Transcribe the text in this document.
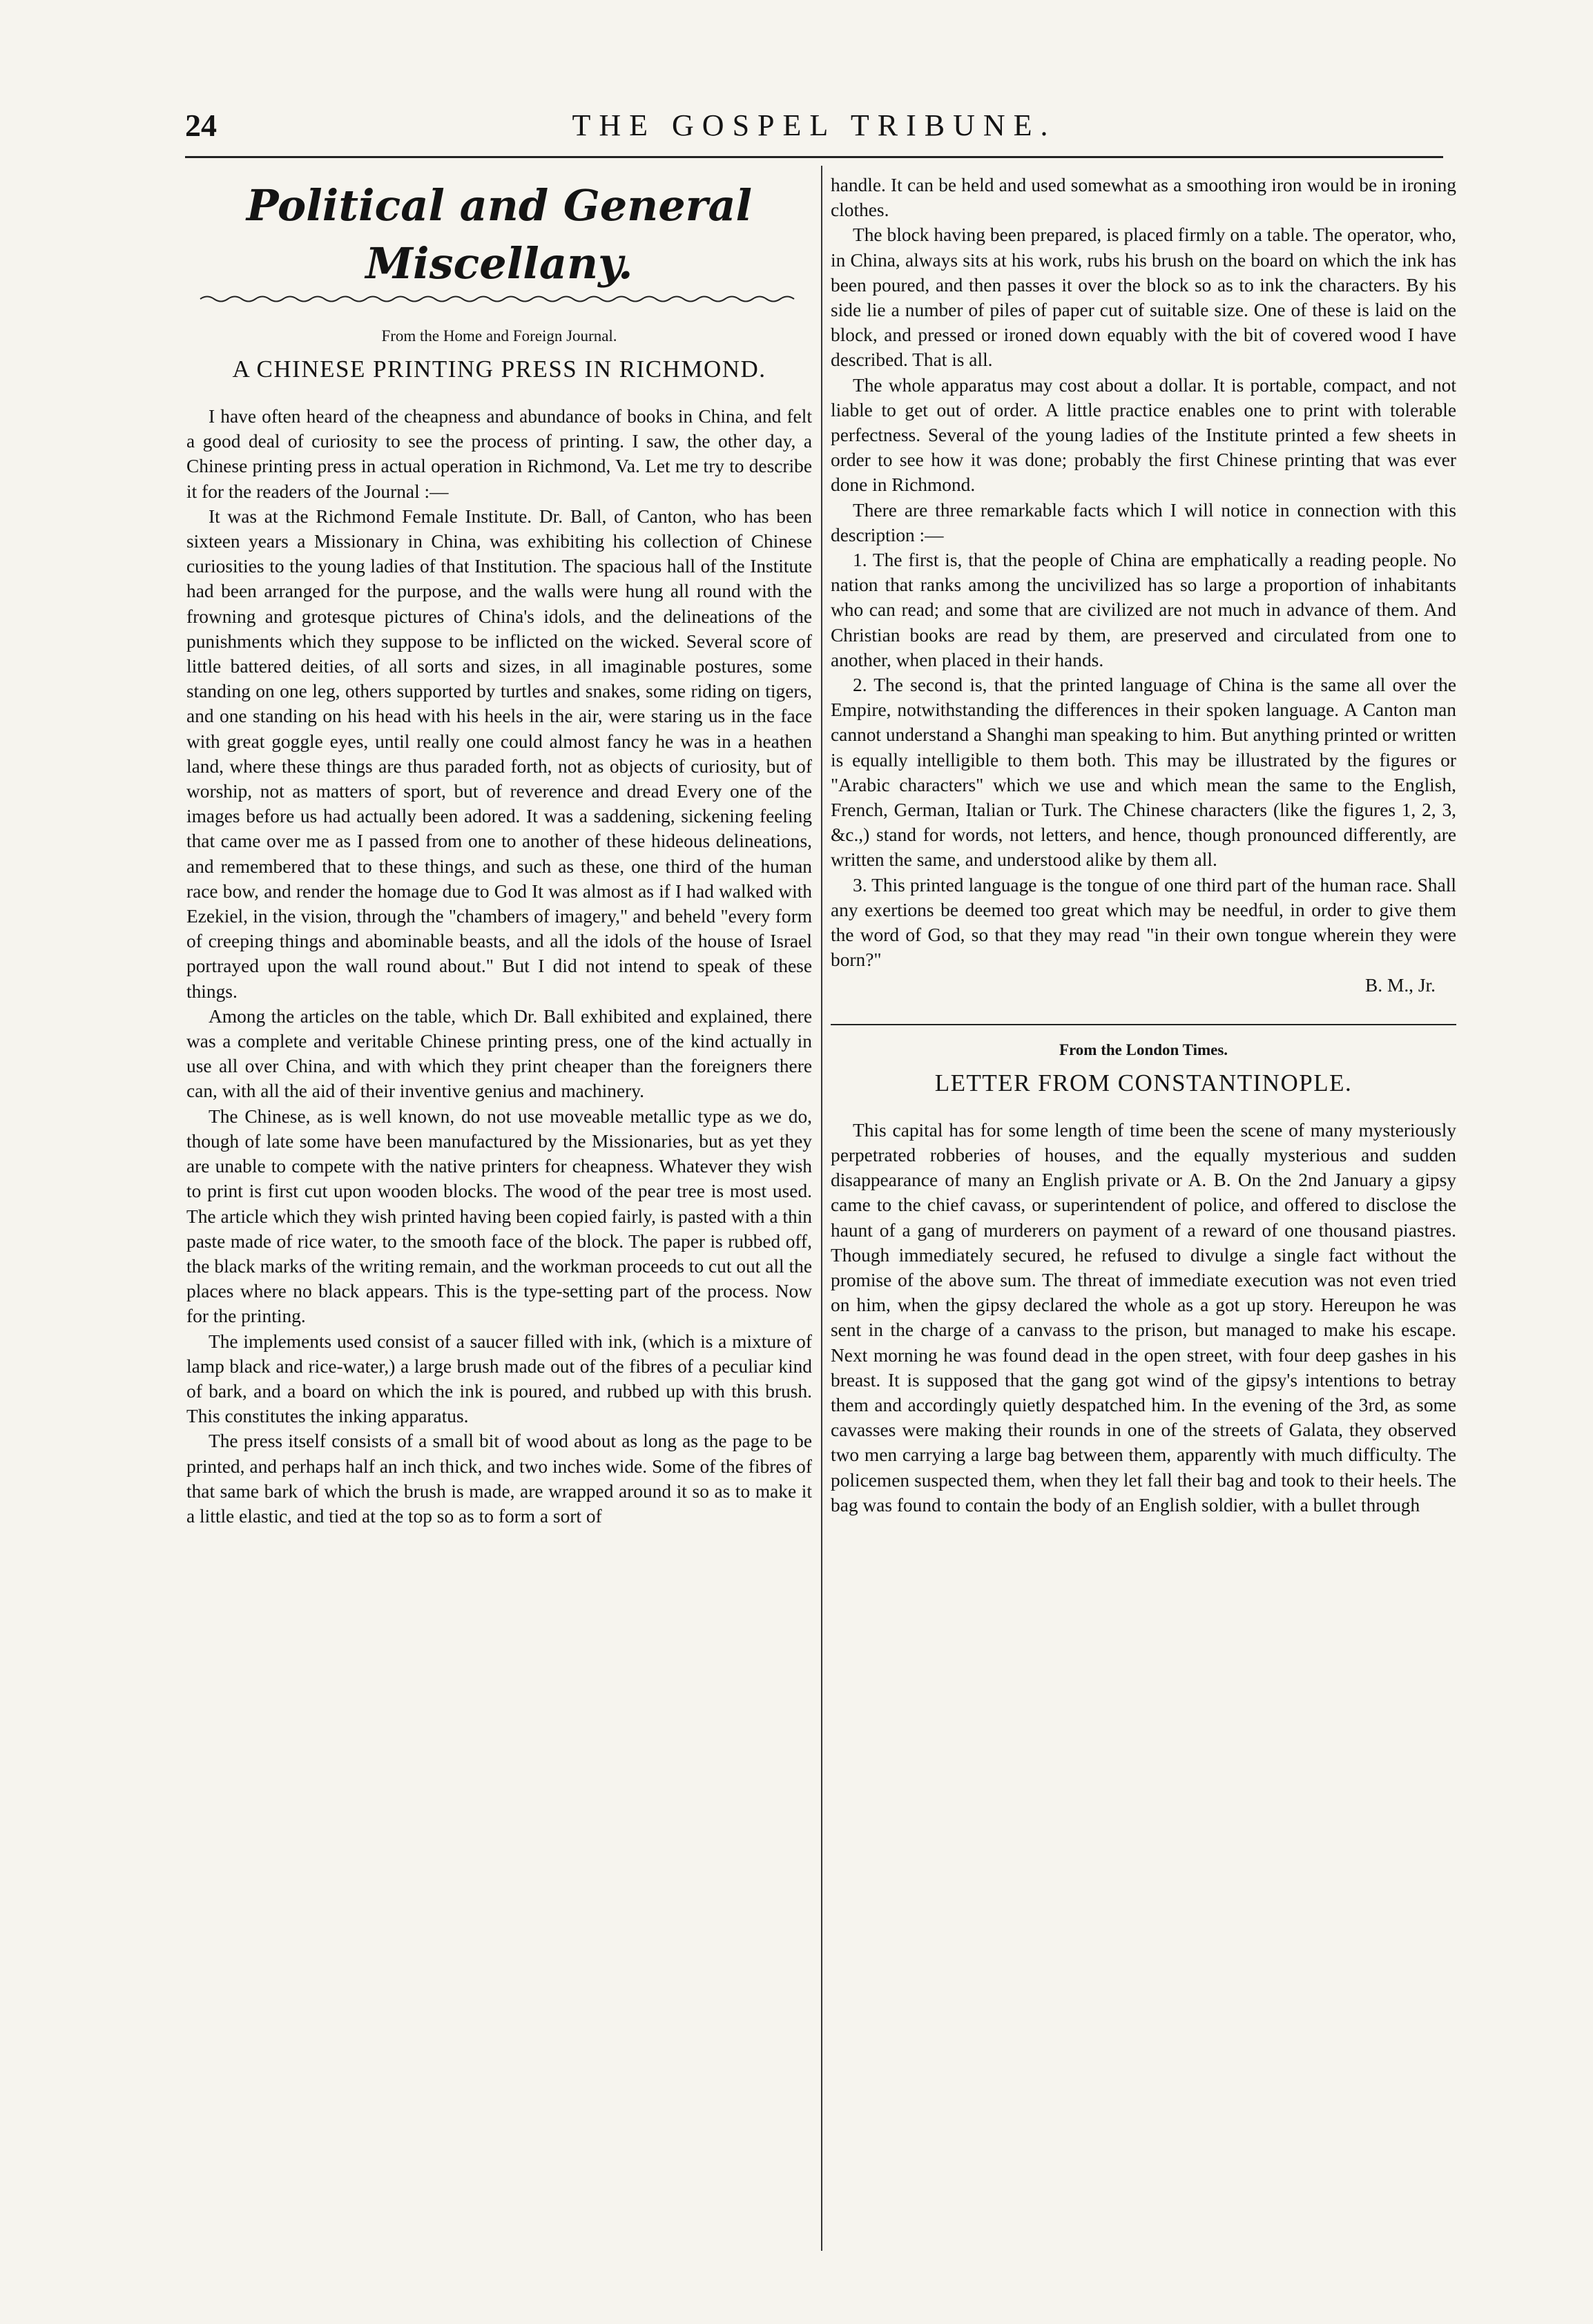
24	THE GOSPEL TRIBUNE.
Political and General Miscellany.
From the Home and Foreign Journal.
A CHINESE PRINTING PRESS IN RICHMOND.

I have often heard of the cheapness and abundance of books in China, and felt a good deal of curiosity to see the process of printing. I saw, the other day, a Chinese printing press in actual operation in Richmond, Va. Let me try to describe it for the readers of the Journal :—

It was at the Richmond Female Institute. Dr. Ball, of Canton, who has been sixteen years a Missionary in China, was exhibiting his collection of Chinese curiosities to the young ladies of that Institution. The spacious hall of the Institute had been arranged for the purpose, and the walls were hung all round with the frowning and grotesque pictures of China's idols, and the delineations of the punishments which they suppose to be inflicted on the wicked. Several score of little battered deities, of all sorts and sizes, in all imaginable postures, some standing on one leg, others supported by turtles and snakes, some riding on tigers, and one standing on his head with his heels in the air, were staring us in the face with great goggle eyes, until really one could almost fancy he was in a heathen land, where these things are thus paraded forth, not as objects of curiosity, but of worship, not as matters of sport, but of reverence and dread Every one of the images before us had actually been adored. It was a saddening, sickening feeling that came over me as I passed from one to another of these hideous delineations, and remembered that to these things, and such as these, one third of the human race bow, and render the homage due to God It was almost as if I had walked with Ezekiel, in the vision, through the "chambers of imagery," and beheld "every form of creeping things and abominable beasts, and all the idols of the house of Israel portrayed upon the wall round about." But I did not intend to speak of these things.

Among the articles on the table, which Dr. Ball exhibited and explained, there was a complete and veritable Chinese printing press, one of the kind actually in use all over China, and with which they print cheaper than the foreigners there can, with all the aid of their inventive genius and machinery.

The Chinese, as is well known, do not use moveable metallic type as we do, though of late some have been manufactured by the Missionaries, but as yet they are unable to compete with the native printers for cheapness. Whatever they wish to print is first cut upon wooden blocks. The wood of the pear tree is most used. The article which they wish printed having been copied fairly, is pasted with a thin paste made of rice water, to the smooth face of the block. The paper is rubbed off, the black marks of the writing remain, and the workman proceeds to cut out all the places where no black appears. This is the type-setting part of the process. Now for the printing.

The implements used consist of a saucer filled with ink, (which is a mixture of lamp black and rice-water,) a large brush made out of the fibres of a peculiar kind of bark, and a board on which the ink is poured, and rubbed up with this brush. This constitutes the inking apparatus.

The press itself consists of a small bit of wood about as long as the page to be printed, and perhaps half an inch thick, and two inches wide. Some of the fibres of that same bark of which the brush is made, are wrapped around it so as to make it a little elastic, and tied at the top so as to form a sort of

handle. It can be held and used somewhat as a smoothing iron would be in ironing clothes.

The block having been prepared, is placed firmly on a table. The operator, who, in China, always sits at his work, rubs his brush on the board on which the ink has been poured, and then passes it over the block so as to ink the characters. By his side lie a number of piles of paper cut of suitable size. One of these is laid on the block, and pressed or ironed down equably with the bit of covered wood I have described. That is all.

The whole apparatus may cost about a dollar. It is portable, compact, and not liable to get out of order. A little practice enables one to print with tolerable perfectness. Several of the young ladies of the Institute printed a few sheets in order to see how it was done; probably the first Chinese printing that was ever done in Richmond.

There are three remarkable facts which I will notice in connection with this description :—

1. The first is, that the people of China are emphatically a reading people. No nation that ranks among the uncivilized has so large a proportion of inhabitants who can read; and some that are civilized are not much in advance of them. And Christian books are read by them, are preserved and circulated from one to another, when placed in their hands.

2. The second is, that the printed language of China is the same all over the Empire, notwithstanding the differences in their spoken language. A Canton man cannot understand a Shanghi man speaking to him. But anything printed or written is equally intelligible to them both. This may be illustrated by the figures or "Arabic characters" which we use and which mean the same to the English, French, German, Italian or Turk. The Chinese characters (like the figures 1, 2, 3, &c.,) stand for words, not letters, and hence, though pronounced differently, are written the same, and understood alike by them all.

3. This printed language is the tongue of one third part of the human race. Shall any exertions be deemed too great which may be needful, in order to give them the word of God, so that they may read "in their own tongue wherein they were born?"

B. M., Jr.

From the London Times.
LETTER FROM CONSTANTINOPLE.

This capital has for some length of time been the scene of many mysteriously perpetrated robberies of houses, and the equally mysterious and sudden disappearance of many an English private or A. B. On the 2nd January a gipsy came to the chief cavass, or superintendent of police, and offered to disclose the haunt of a gang of murderers on payment of a reward of one thousand piastres. Though immediately secured, he refused to divulge a single fact without the promise of the above sum. The threat of immediate execution was not even tried on him, when the gipsy declared the whole as a got up story. Hereupon he was sent in the charge of a canvass to the prison, but managed to make his escape. Next morning he was found dead in the open street, with four deep gashes in his breast. It is supposed that the gang got wind of the gipsy's intentions to betray them and accordingly quietly despatched him. In the evening of the 3rd, as some cavasses were making their rounds in one of the streets of Galata, they observed two men carrying a large bag between them, apparently with much difficulty. The policemen suspected them, when they let fall their bag and took to their heels. The bag was found to contain the body of an English soldier, with a bullet through
